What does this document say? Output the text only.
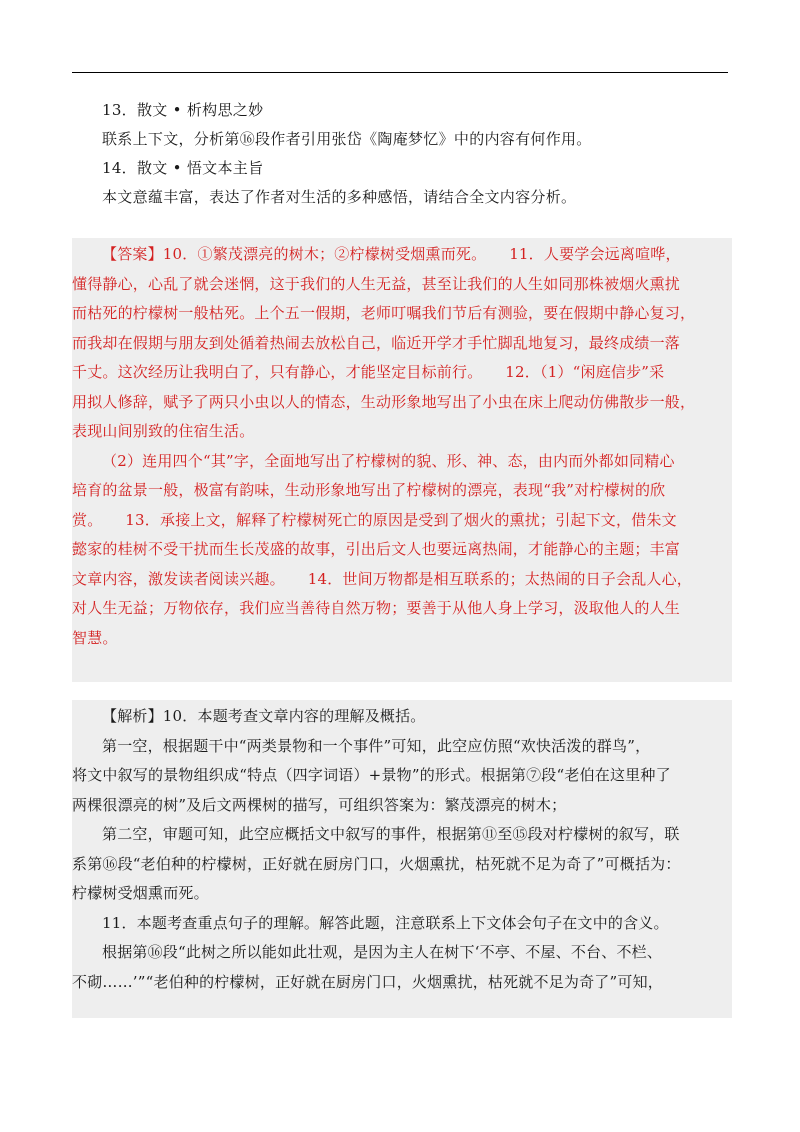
13．散文 • 析构思之妙
联系上下文，分析第⑯段作者引用张岱《陶庵梦忆》中的内容有何作用。
14．散文 • 悟文本主旨
本文意蕴丰富，表达了作者对生活的多种感悟，请结合全文内容分析。
【答案】10．①繁茂漂亮的树木；②柠檬树受烟熏而死。　　11．人要学会远离喧哗，
懂得静心，心乱了就会迷惘，这于我们的人生无益，甚至让我们的人生如同那株被烟火熏扰
而枯死的柠檬树一般枯死。上个五一假期，老师叮嘱我们节后有测验，要在假期中静心复习，
而我却在假期与朋友到处循着热闹去放松自己，临近开学才手忙脚乱地复习，最终成绩一落
千丈。这次经历让我明白了，只有静心，才能坚定目标前行。　　12．（1）“闲庭信步”采
用拟人修辞，赋予了两只小虫以人的情态，生动形象地写出了小虫在床上爬动仿佛散步一般，
表现山间别致的住宿生活。
（2）连用四个“其”字，全面地写出了柠檬树的貌、形、神、态，由内而外都如同精心
培育的盆景一般，极富有韵味，生动形象地写出了柠檬树的漂亮，表现“我”对柠檬树的欣
赏。　　13．承接上文，解释了柠檬树死亡的原因是受到了烟火的熏扰；引起下文，借朱文
懿家的桂树不受干扰而生长茂盛的故事，引出后文人也要远离热闹，才能静心的主题；丰富
文章内容，激发读者阅读兴趣。　　14．世间万物都是相互联系的；太热闹的日子会乱人心，
对人生无益；万物依存，我们应当善待自然万物；要善于从他人身上学习，汲取他人的人生
智慧。
【解析】10．本题考查文章内容的理解及概括。
第一空，根据题干中“两类景物和一个事件”可知，此空应仿照“欢快活泼的群鸟”，
将文中叙写的景物组织成“特点（四字词语）+景物”的形式。根据第⑦段“老伯在这里种了
两棵很漂亮的树”及后文两棵树的描写，可组织答案为：繁茂漂亮的树木；
第二空，审题可知，此空应概括文中叙写的事件，根据第⑪至⑮段对柠檬树的叙写，联
系第⑯段“老伯种的柠檬树，正好就在厨房门口，火烟熏扰，枯死就不足为奇了”可概括为：
柠檬树受烟熏而死。
11．本题考查重点句子的理解。解答此题，注意联系上下文体会句子在文中的含义。
根据第⑯段“此树之所以能如此壮观，是因为主人在树下‘不亭、不屋、不台、不栏、
不砌……’”“老伯种的柠檬树，正好就在厨房门口，火烟熏扰，枯死就不足为奇了”可知，
